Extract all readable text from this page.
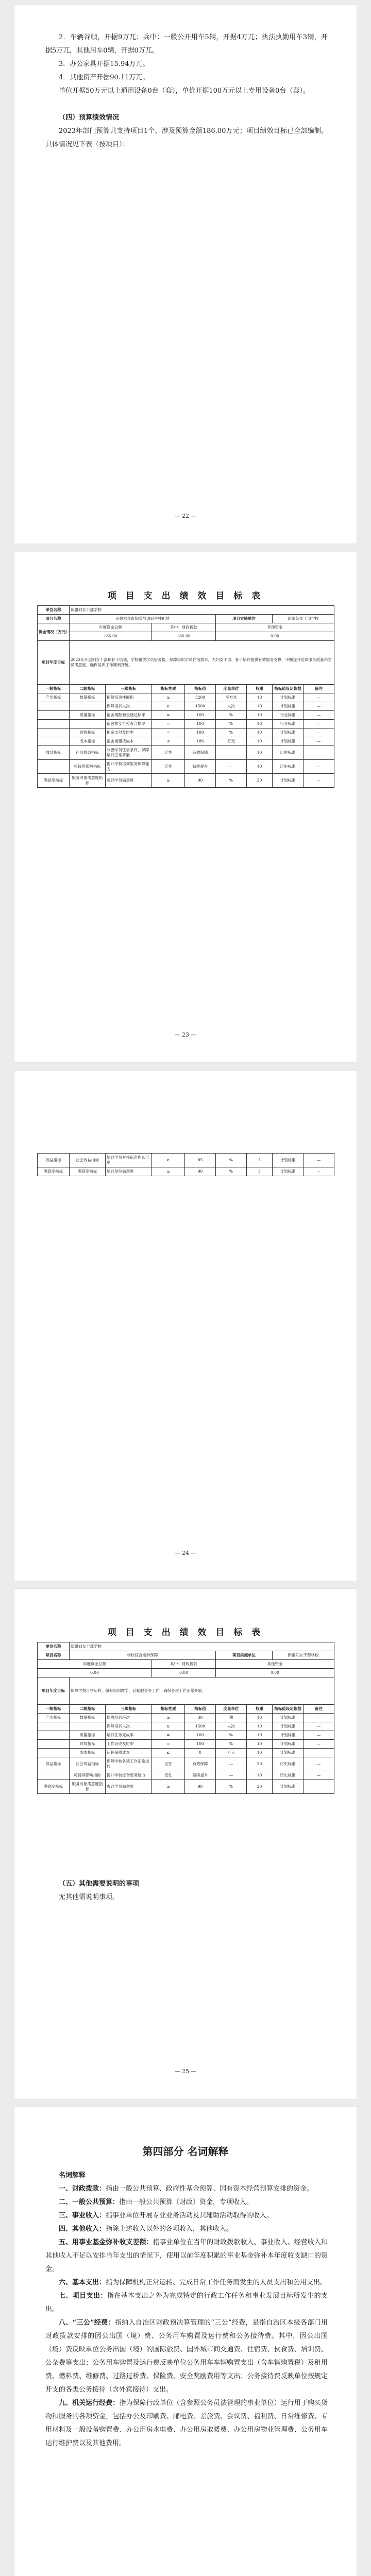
2．车辆谷帧，开据9万兀；兵中：一般公开用车5辆，开据4万兀；执法执勤用车3辆，开据5万兀，其他用车0辆，开据0万兀。

3．办公家具开据15.94万兀。

4．其他资产开据90.11万兀。

单位开据50万元以上通用设备0台（套），单价开据100万元以上专用设备0台（套）。

（四）预算绩效情况

2023年部门预算共支持项目1个，涉及预算金额186.00万元；项目绩效目标已全部编制。具体情况见下表（按项目）：

— 22 —
项 目 支 出 绩 效 目 标 表
单位名称	新疆妇女干部学校							
项目名称	乌鲁木齐市妇女培训宿舍楼租赁				项目实施单位		新疆妇女干部学校	
资金情况（万元）	年度资金总额		其中：财政拨款		其他资金			
	186.00		186.00		0.00			
项目年度目标	2023年开展妇女干部和骨干培训，学校租赁学员宿舍楼，保障培训学员住宿需求，为妇女干部、骨干培训提供有效服务支撑，不断提升培训服务质量和学员满意度，确保培训工作顺利开展。							
一级指标	二级指标	三级指标	指标性质	指标值	度量单位	权重	指标值设定依据	备注
产出指标	数量指标	租赁宿舍楼面积	≥	3200	平方米	10	计划标准	—
		保障培训人次	≥	1500	人次	10	计划标准	—
	质量指标	宿舍楼配套设施达标率	=	100	%	10	行业标准	—
		宿舍楼安全检查合格率	=	100	%	10	行业标准	—
	时效指标	租金支付及时率	=	100	%	10	计划标准	—
	成本指标	宿舍楼租赁成本	≤	186	万元	10	计划标准	—
效益指标	社会效益指标	改善学员住宿条件，保障培训正常开展	定性	有效保障	—	10	历史标准	—
	可持续影响指标	提升学校培训服务保障能力	定性	持续提升	—	10	历史标准	—
满意度指标	服务对象满意度指标	参训学员满意度	≥	90	%	20	计划标准	—
— 23 —
效益指标	社会效益指标	培训学员对住宿条件认可度	≥	85	%	5	计划标准	—
满意度指标	满意度指标	培训单位满意度	≥	90	%	5	计划标准	—
— 24 —
项 目 支 出 绩 效 目 标 表
单位名称	新疆妇女干部学校							
项目名称	学校综合运转保障				项目实施单位		新疆妇女干部学校	
年度资金总额			其中：财政拨款		其他资金			
0.00			0.00		0.00			
项目年度目标	保障学校日常运转，做好培训教学、后勤服务等工作，确保各项工作正常开展。							
一级指标	二级指标	三级指标	指标性质	指标值	度量单位	权重	指标值设定依据	备注
产出指标	数量指标	保障培训班次	≥	30	期	10	计划标准	—
		保障培训人次	≥	1500	人次	10	计划标准	—
	质量指标	培训任务完成率	=	100	%	10	计划标准	—
	时效指标	工作完成及时率	=	100	%	10	计划标准	—
	成本指标	运转保障成本	≤	0	万元	10	计划标准	—
效益指标	社会效益指标	保障学校各项工作正常运转	定性	有效保障	—	20	历史标准	—
	可持续影响指标	提升学校综合服务能力	定性	持续提升	—	10	历史标准	—
满意度指标	服务对象满意度指标	参训学员满意度	≥	90	%	20	计划标准	—
（五）其他需要说明的事项

无其他需说明事项。

— 25 —
第四部分 名词解释

名词解释

一、财政拨款：指由一般公共预算、政府性基金预算、国有资本经营预算安排的资金。

二、一般公共预算：指由一般公共预算（财政）资金，专项收入。

三、事业收入：指事业单位开展专业业务活动及其辅助活动取得的收入。

四、其他收入：指除上述收入以外的各项收入，其他收入。

五、用事业基金弥补收支差额：指事业单位在当年的财政拨款收入、事业收入、经营收入和其他收入不足以安排当年支出的情况下，使用以前年度积累的事业基金弥补本年度收支缺口的资金。

六、基本支出：指为保障机构正常运转、完成日常工作任务而发生的人员支出和公用支出。

七、项目支出：指在基本支出之外为完成特定的行政工作任务和事业发展目标所发生的支出。

八、“三公”经费：指纳入自治区财政预决算管理的“三公”经费，是指自治区本级各部门用财政拨款安排的因公出国（境）费、公务用车购置及运行费和公务接待费。其中，因公出国（境）费反映单位公务出国（境）的国际旅费、国外城市间交通费、住宿费、伙食费、培训费、公杂费等支出；公务用车购置及运行费反映单位公务用车车辆购置支出（含车辆购置税）及租用费、燃料费、维修费、过路过桥费、保险费、安全奖励费用等支出；公务接待费反映单位按规定开支的各类公务接待（含外宾接待）支出。

九、机关运行经费：指为保障行政单位（含参照公务员法管理的事业单位）运行用于购买货物和服务的各项资金，包括办公及印刷费、邮电费、差旅费、会议费、福利费、日常维修费、专用材料及一般设备购置费、办公用房水电费、办公用房取暖费、办公用房物业管理费、公务用车运行维护费以及其他费用。
